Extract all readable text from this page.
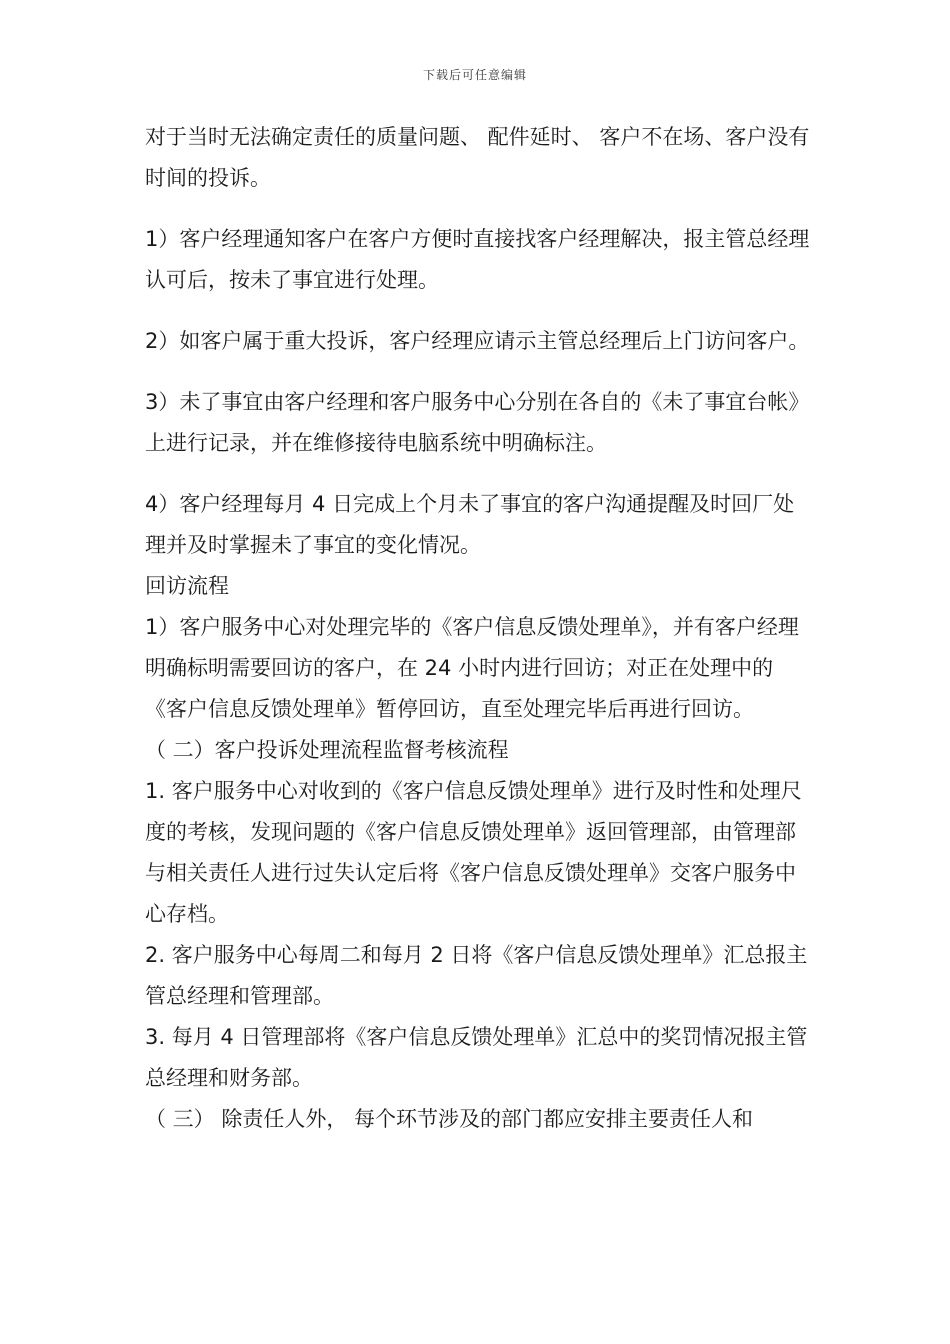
下载后可任意编辑

对于当时无法确定责任的质量问题、 配件延时、 客户不在场、客户没有时间的投诉。

1）客户经理通知客户在客户方便时直接找客户经理解决，报主管总经理认可后，按未了事宜进行处理。

2）如客户属于重大投诉，客户经理应请示主管总经理后上门访问客户。

3）未了事宜由客户经理和客户服务中心分别在各自的《未了事宜台帐》上进行记录，并在维修接待电脑系统中明确标注。

4）客户经理每月 4 日完成上个月未了事宜的客户沟通提醒及时回厂处理并及时掌握未了事宜的变化情况。

回访流程

1）客户服务中心对处理完毕的《客户信息反馈处理单》，并有客户经理明确标明需要回访的客户，在 24 小时内进行回访；对正在处理中的《客户信息反馈处理单》暂停回访，直至处理完毕后再进行回访。

（ 二）客户投诉处理流程监督考核流程

1. 客户服务中心对收到的《客户信息反馈处理单》进行及时性和处理尺度的考核，发现问题的《客户信息反馈处理单》返回管理部，由管理部与相关责任人进行过失认定后将《客户信息反馈处理单》交客户服务中心存档。

2. 客户服务中心每周二和每月 2 日将《客户信息反馈处理单》汇总报主管总经理和管理部。

3. 每月 4 日管理部将《客户信息反馈处理单》汇总中的奖罚情况报主管总经理和财务部。

（ 三） 除责任人外， 每个环节涉及的部门都应安排主要责任人和
